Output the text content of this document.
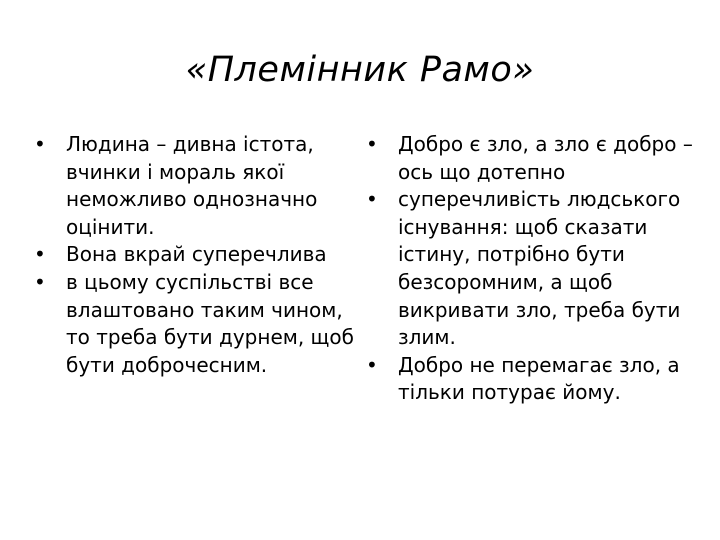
«Племінник Рамо»
•	Людина – дивна істота, вчинки і мораль якої неможливо однозначно оцінити.
•	Вона вкрай суперечлива
•	в цьому суспільстві все влаштовано таким чином, то треба бути дурнем, щоб бути доброчесним.
•	Добро є зло, а зло є добро – ось що дотепно
•	суперечливість людського існування: щоб сказати істину, потрібно бути безсоромним, а щоб викривати зло, треба бути злим.
•	Добро не перемагає зло, а тільки потурає йому.
